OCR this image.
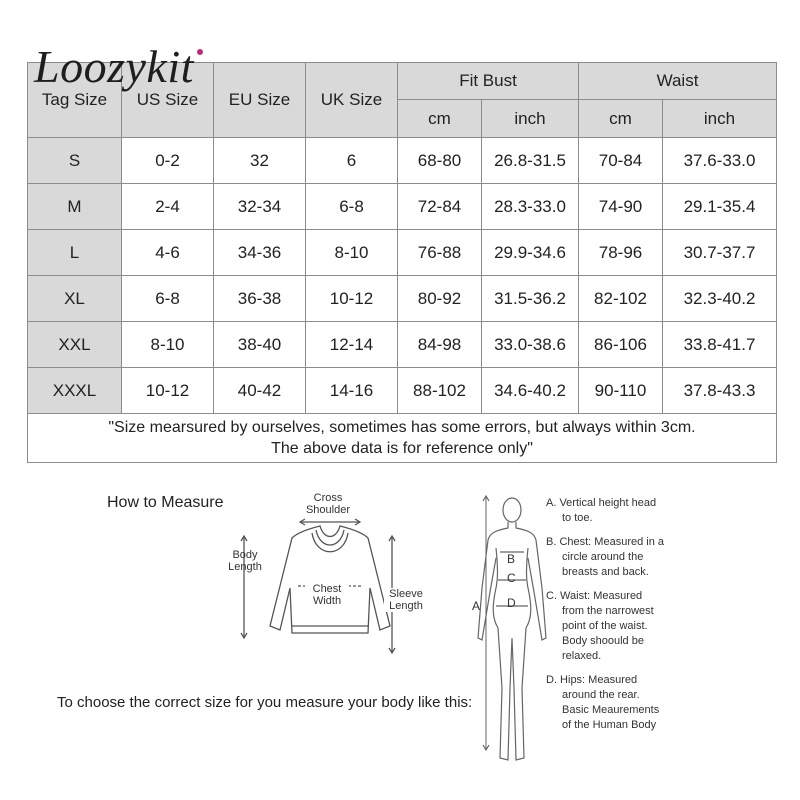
Loozykit
Tag Size	US Size	EU Size	UK Size	Fit Bust		Waist	
				cm	inch	cm	inch
S	0-2	32	6	68-80	26.8-31.5	70-84	37.6-33.0
M	2-4	32-34	6-8	72-84	28.3-33.0	74-90	29.1-35.4
L	4-6	34-36	8-10	76-88	29.9-34.6	78-96	30.7-37.7
XL	6-8	36-38	10-12	80-92	31.5-36.2	82-102	32.3-40.2
XXL	8-10	38-40	12-14	84-98	33.0-38.6	86-106	33.8-41.7
XXXL	10-12	40-42	14-16	88-102	34.6-40.2	90-110	37.8-43.3

"Size mearsured by ourselves, sometimes has some errors, but always within 3cm.
The above data is for reference only"							
How to Measure	Cross
Shoulder
Body
Length
Chest
Width
Sleeve
Length
To choose the correct size for you measure your body like this:
A
B
C
D
A. Vertical height head
to toe.
B. Chest: Measured in a
circle around the
breasts and back.
C. Waist: Measured
from the narrowest
point of the waist.
Body shoould be
relaxed.
D. Hips: Measured
around the rear.
Basic Meaurements
of the Human Body
